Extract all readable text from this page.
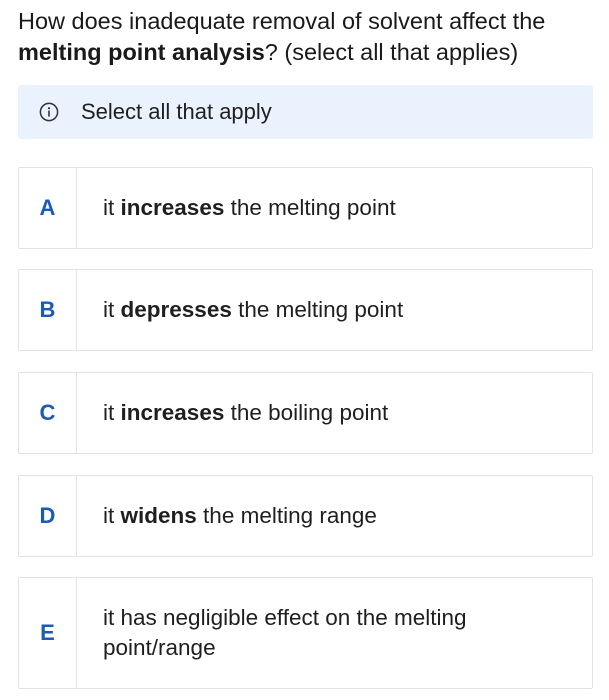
How does inadequate removal of solvent affect the melting point analysis? (select all that applies)
Select all that apply
A	it increases the melting point
B	it depresses the melting point
C	it increases the boiling point
D	it widens the melting range
E
it has negligible effect on the melting point/range
